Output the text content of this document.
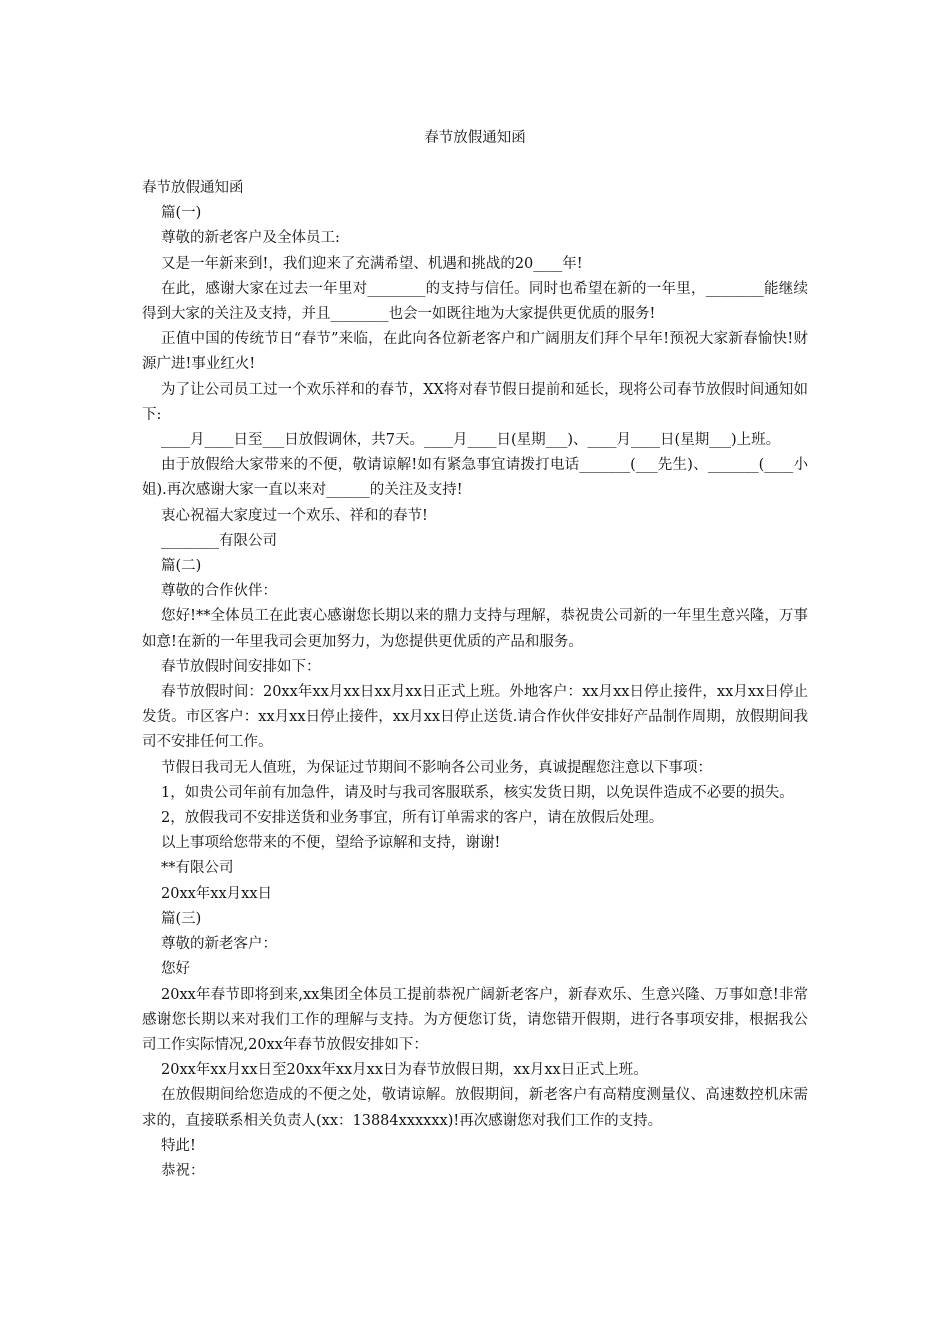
春节放假通知函

春节放假通知函

篇(一)

尊敬的新老客户及全体员工:

又是一年新来到!，我们迎来了充满希望、机遇和挑战的20____年!

在此，感谢大家在过去一年里对________的支持与信任。同时也希望在新的一年里，________能继续得到大家的关注及支持，并且________也会一如既往地为大家提供更优质的服务!

正值中国的传统节日“春节”来临，在此向各位新老客户和广阔朋友们拜个早年!预祝大家新春愉快!财源广进!事业红火!

为了让公司员工过一个欢乐祥和的春节，XX将对春节假日提前和延长，现将公司春节放假时间通知如下:

____月____日至___日放假调休，共7天。____月____日(星期___)、____月____日(星期___)上班。

由于放假给大家带来的不便，敬请谅解!如有紧急事宜请拨打电话_______(___先生)、_______(____小姐).再次感谢大家一直以来对______的关注及支持!

衷心祝福大家度过一个欢乐、祥和的春节!

________有限公司

篇(二)

尊敬的合作伙伴：

您好!**全体员工在此衷心感谢您长期以来的鼎力支持与理解，恭祝贵公司新的一年里生意兴隆，万事如意!在新的一年里我司会更加努力，为您提供更优质的产品和服务。

春节放假时间安排如下：

春节放假时间：20xx年xx月xx日xx月xx日正式上班。外地客户：xx月xx日停止接件，xx月xx日停止发货。市区客户：xx月xx日停止接件，xx月xx日停止送货.请合作伙伴安排好产品制作周期，放假期间我司不安排任何工作。

节假日我司无人值班，为保证过节期间不影响各公司业务，真诚提醒您注意以下事项：

1，如贵公司年前有加急件，请及时与我司客服联系，核实发货日期，以免误件造成不必要的损失。

2，放假我司不安排送货和业务事宜，所有订单需求的客户，请在放假后处理。

以上事项给您带来的不便，望给予谅解和支持，谢谢!

**有限公司

20xx年xx月xx日

篇(三)

尊敬的新老客户：

您好

20xx年春节即将到来,xx集团全体员工提前恭祝广阔新老客户，新春欢乐、生意兴隆、万事如意!非常感谢您长期以来对我们工作的理解与支持。为方便您订货，请您错开假期，进行各事项安排，根据我公司工作实际情况,20xx年春节放假安排如下：

20xx年xx月xx日至20xx年xx月xx日为春节放假日期，xx月xx日正式上班。

在放假期间给您造成的不便之处，敬请谅解。放假期间，新老客户有高精度测量仪、高速数控机床需求的，直接联系相关负责人(xx：13884xxxxxx)!再次感谢您对我们工作的支持。

特此!

恭祝：
